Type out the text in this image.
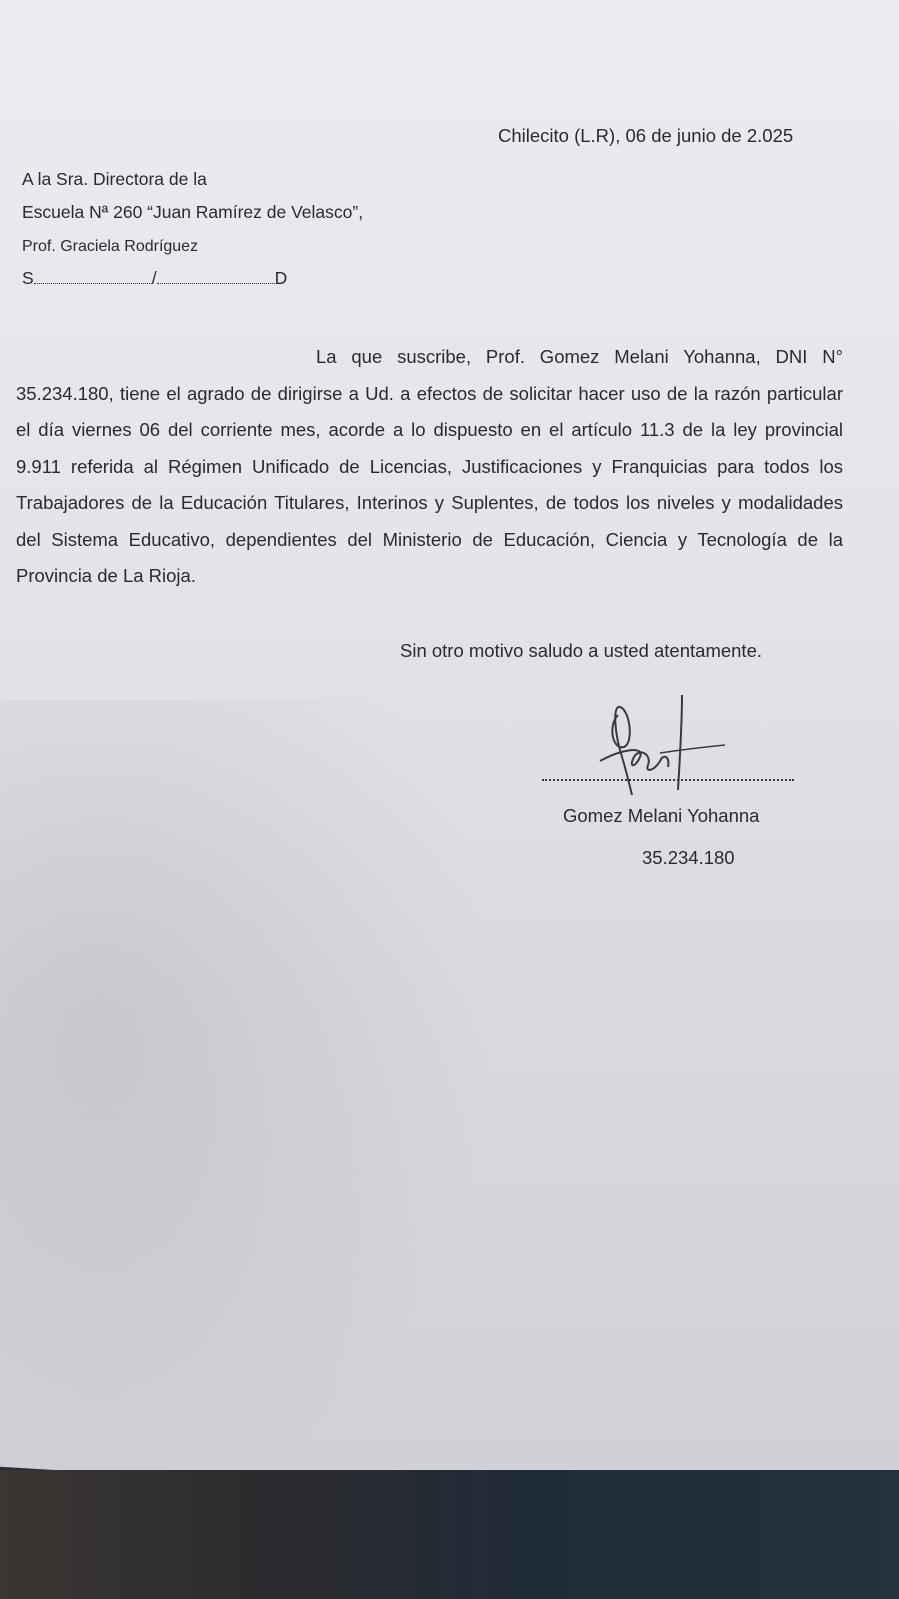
Chilecito (L.R), 06 de junio de 2.025
A la Sra. Directora de la
Escuela Nª 260 “Juan Ramírez de Velasco”,
Prof. Graciela Rodríguez
S	/	D
La que suscribe, Prof. Gomez Melani Yohanna, DNI N° 35.234.180, tiene el agrado de dirigirse a Ud. a efectos de solicitar hacer uso de la razón particular el día viernes 06 del corriente mes, acorde a lo dispuesto en el artículo 11.3 de la ley provincial 9.911 referida al Régimen Unificado de Licencias, Justificaciones y Franquicias para todos los Trabajadores de la Educación Titulares, Interinos y Suplentes, de todos los niveles y modalidades del Sistema Educativo, dependientes del Ministerio de Educación, Ciencia y Tecnología de la Provincia de La Rioja.
Sin otro motivo saludo a usted atentamente.
Gomez Melani Yohanna
35.234.180
